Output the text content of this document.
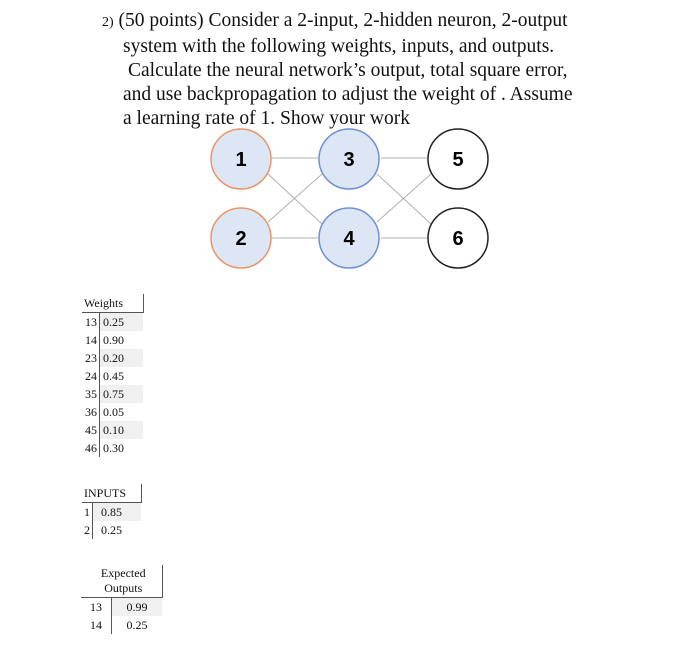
2) (50 points) Consider a 2-input, 2-hidden neuron, 2-output
system with the following weights, inputs, and outputs.
Calculate the neural network’s output, total square error,
and use backpropagation to adjust the weight of . Assume
a learning rate of 1. Show your work
1
2
3
4
5
6
Weights	
13	0.25
14	0.90
23	0.20
24	0.45
35	0.75
36	0.05
45	0.10
46	0.30
INPUTS	
1	0.85
2	0.25
Expected
Outputs	

13	0.99
14	0.25
